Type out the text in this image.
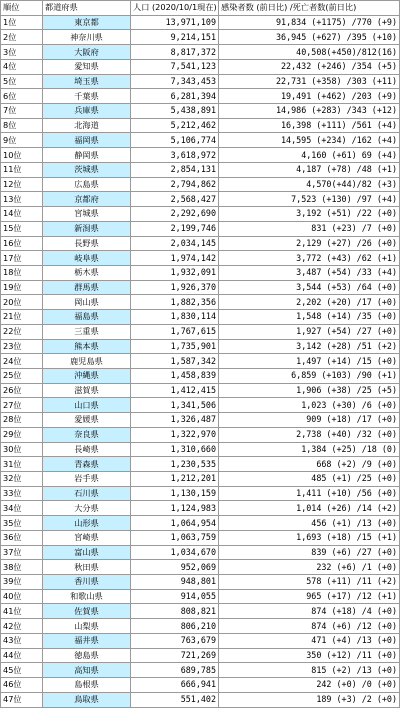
順位	都道府県	人口 (2020/10/1現在)	感染者数 (前日比) /死亡者数(前日比)
1位	東京都	13,971,109	91,834 (+1175) /770 (+9)
2位	神奈川県	9,214,151	36,945 (+627) /395 (+10)
3位	大阪府	8,817,372	40,508(+450)/812(16)
4位	愛知県	7,541,123	22,432 (+246) /354 (+5)
5位	埼玉県	7,343,453	22,731 (+358) /303 (+11)
6位	千葉県	6,281,394	19,491 (+462) /203 (+9)
7位	兵庫県	5,438,891	14,986 (+283) /343 (+12)
8位	北海道	5,212,462	16,398 (+111) /561 (+4)
9位	福岡県	5,106,774	14,595 (+234) /162 (+4)
10位	静岡県	3,618,972	4,160 (+61) 69 (+4)
11位	茨城県	2,854,131	4,187 (+78) /48 (+1)
12位	広島県	2,794,862	4,570(+44)/82 (+3)
13位	京都府	2,568,427	7,523 (+130) /97 (+4)
14位	宮城県	2,292,690	3,192 (+51) /22 (+0)
15位	新潟県	2,199,746	831 (+23) /7 (+0)
16位	長野県	2,034,145	2,129 (+27) /26 (+0)
17位	岐阜県	1,974,142	3,772 (+43) /62 (+1)
18位	栃木県	1,932,091	3,487 (+54) /33 (+4)
19位	群馬県	1,926,370	3,544 (+53) /64 (+0)
20位	岡山県	1,882,356	2,202 (+20) /17 (+0)
21位	福島県	1,830,114	1,548 (+14) /35 (+0)
22位	三重県	1,767,615	1,927 (+54) /27 (+0)
23位	熊本県	1,735,901	3,142 (+28) /51 (+2)
24位	鹿児島県	1,587,342	1,497 (+14) /15 (+0)
25位	沖縄県	1,458,839	6,859 (+103) /90 (+1)
26位	滋賀県	1,412,415	1,906 (+38) /25 (+5)
27位	山口県	1,341,506	1,023 (+30) /6 (+0)
28位	愛媛県	1,326,487	909 (+18) /17 (+0)
29位	奈良県	1,322,970	2,738 (+40) /32 (+0)
30位	長崎県	1,310,660	1,384 (+25) /18 (0)
31位	青森県	1,230,535	668 (+2) /9 (+0)
32位	岩手県	1,212,201	485 (+1) /25 (+0)
33位	石川県	1,130,159	1,411 (+10) /56 (+0)
34位	大分県	1,124,983	1,014 (+26) /14 (+2)
35位	山形県	1,064,954	456 (+1) /13 (+0)
36位	宮崎県	1,063,759	1,693 (+18) /15 (+1)
37位	富山県	1,034,670	839 (+6) /27 (+0)
38位	秋田県	952,069	232 (+6) /1 (+0)
39位	香川県	948,801	578 (+11) /11 (+2)
40位	和歌山県	914,055	965 (+17) /12 (+1)
41位	佐賀県	808,821	874 (+18) /4 (+0)
42位	山梨県	806,210	874 (+6) /12 (+0)
43位	福井県	763,679	471 (+4) /13 (+0)
44位	徳島県	721,269	350 (+12) /11 (+0)
45位	高知県	689,785	815 (+2) /13 (+0)
46位	島根県	666,941	242 (+0) /0 (+0)
47位	鳥取県	551,402	189 (+3) /2 (+0)
